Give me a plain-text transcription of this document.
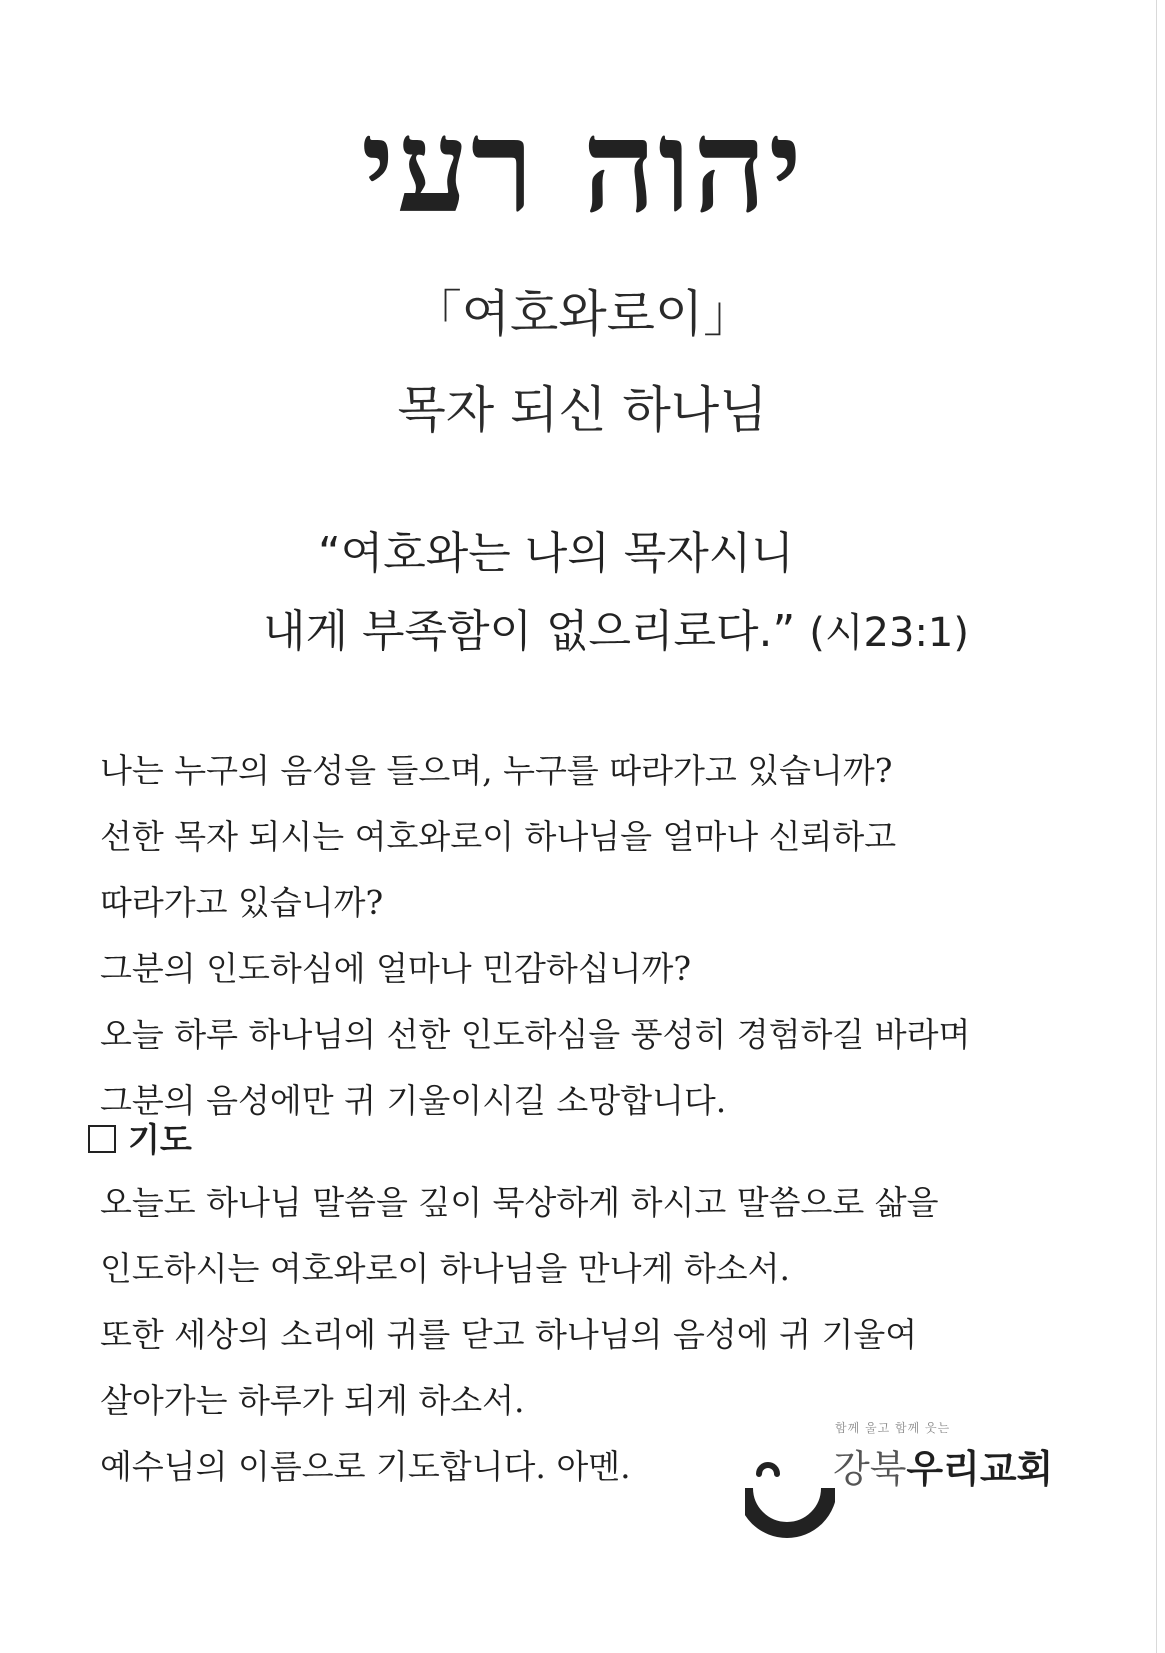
יהוה רעי
「여호와로이」
목자 되신 하나님
“여호와는 나의 목자시니
내게 부족함이 없으리로다.” (시23:1)
나는 누구의 음성을 들으며, 누구를 따라가고 있습니까?
선한 목자 되시는 여호와로이 하나님을 얼마나 신뢰하고
따라가고 있습니까?
그분의 인도하심에 얼마나 민감하십니까?
오늘 하루 하나님의 선한 인도하심을 풍성히 경험하길 바라며
그분의 음성에만 귀 기울이시길 소망합니다.
기도
오늘도 하나님 말씀을 깊이 묵상하게 하시고 말씀으로 삶을
인도하시는 여호와로이 하나님을 만나게 하소서.
또한 세상의 소리에 귀를 닫고 하나님의 음성에 귀 기울여
살아가는 하루가 되게 하소서.
예수님의 이름으로 기도합니다. 아멘.
함께 울고 함께 웃는
강북우리교회
